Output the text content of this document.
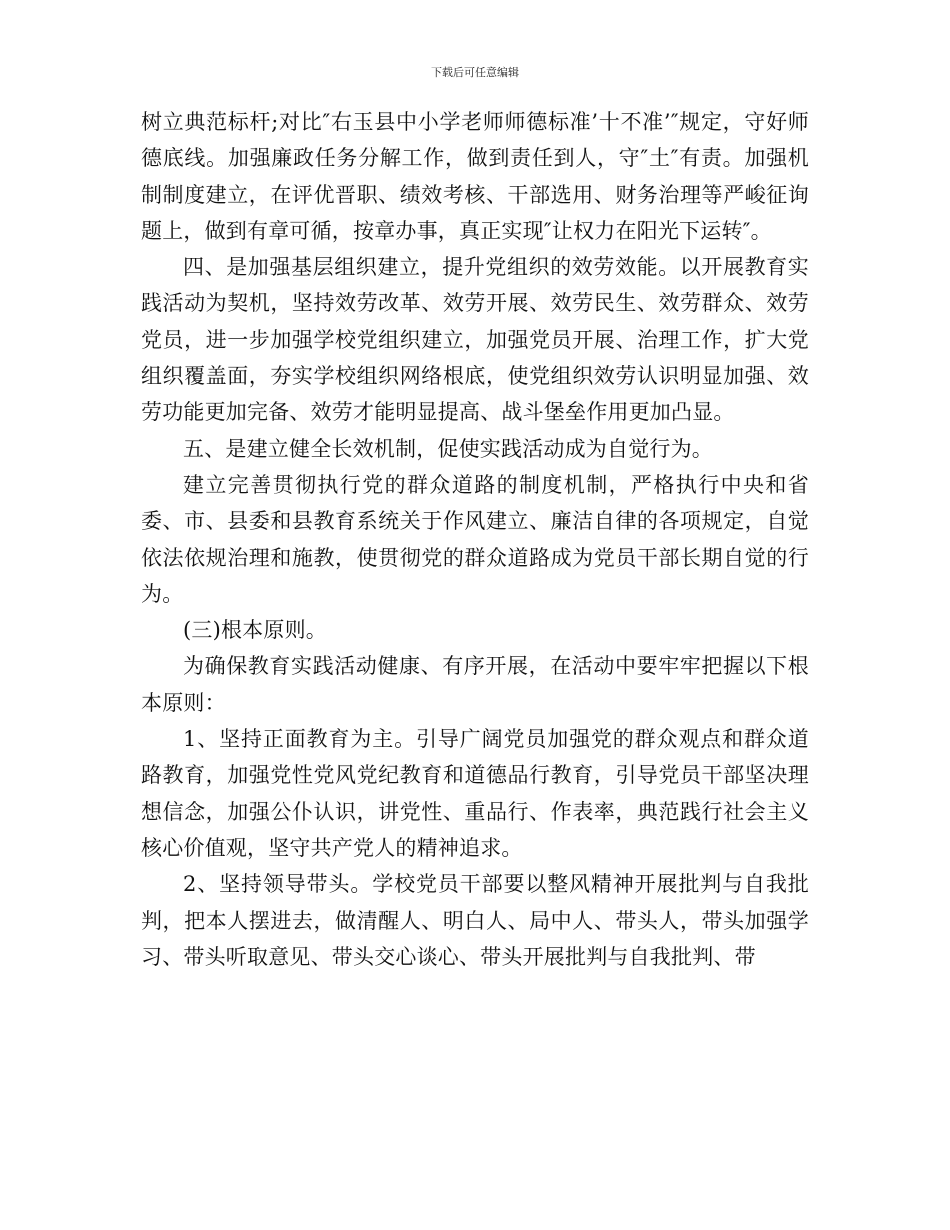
下载后可任意编辑

树立典范标杆;对比″右玉县中小学老师师德标准’十不准’″规定，守好师德底线。加强廉政任务分解工作，做到责任到人，守″土″有责。加强机制制度建立，在评优晋职、绩效考核、干部选用、财务治理等严峻征询题上，做到有章可循，按章办事，真正实现″让权力在阳光下运转″。

四、是加强基层组织建立，提升党组织的效劳效能。以开展教育实践活动为契机，坚持效劳改革、效劳开展、效劳民生、效劳群众、效劳党员，进一步加强学校党组织建立，加强党员开展、治理工作，扩大党组织覆盖面，夯实学校组织网络根底，使党组织效劳认识明显加强、效劳功能更加完备、效劳才能明显提高、战斗堡垒作用更加凸显。

五、是建立健全长效机制，促使实践活动成为自觉行为。

建立完善贯彻执行党的群众道路的制度机制，严格执行中央和省委、市、县委和县教育系统关于作风建立、廉洁自律的各项规定，自觉依法依规治理和施教，使贯彻党的群众道路成为党员干部长期自觉的行为。

(三)根本原则。

为确保教育实践活动健康、有序开展，在活动中要牢牢把握以下根本原则：

1、坚持正面教育为主。引导广阔党员加强党的群众观点和群众道路教育，加强党性党风党纪教育和道德品行教育，引导党员干部坚决理想信念，加强公仆认识，讲党性、重品行、作表率，典范践行社会主义核心价值观，坚守共产党人的精神追求。

2、坚持领导带头。学校党员干部要以整风精神开展批判与自我批判，把本人摆进去，做清醒人、明白人、局中人、带头人，带头加强学习、带头听取意见、带头交心谈心、带头开展批判与自我批判、带
